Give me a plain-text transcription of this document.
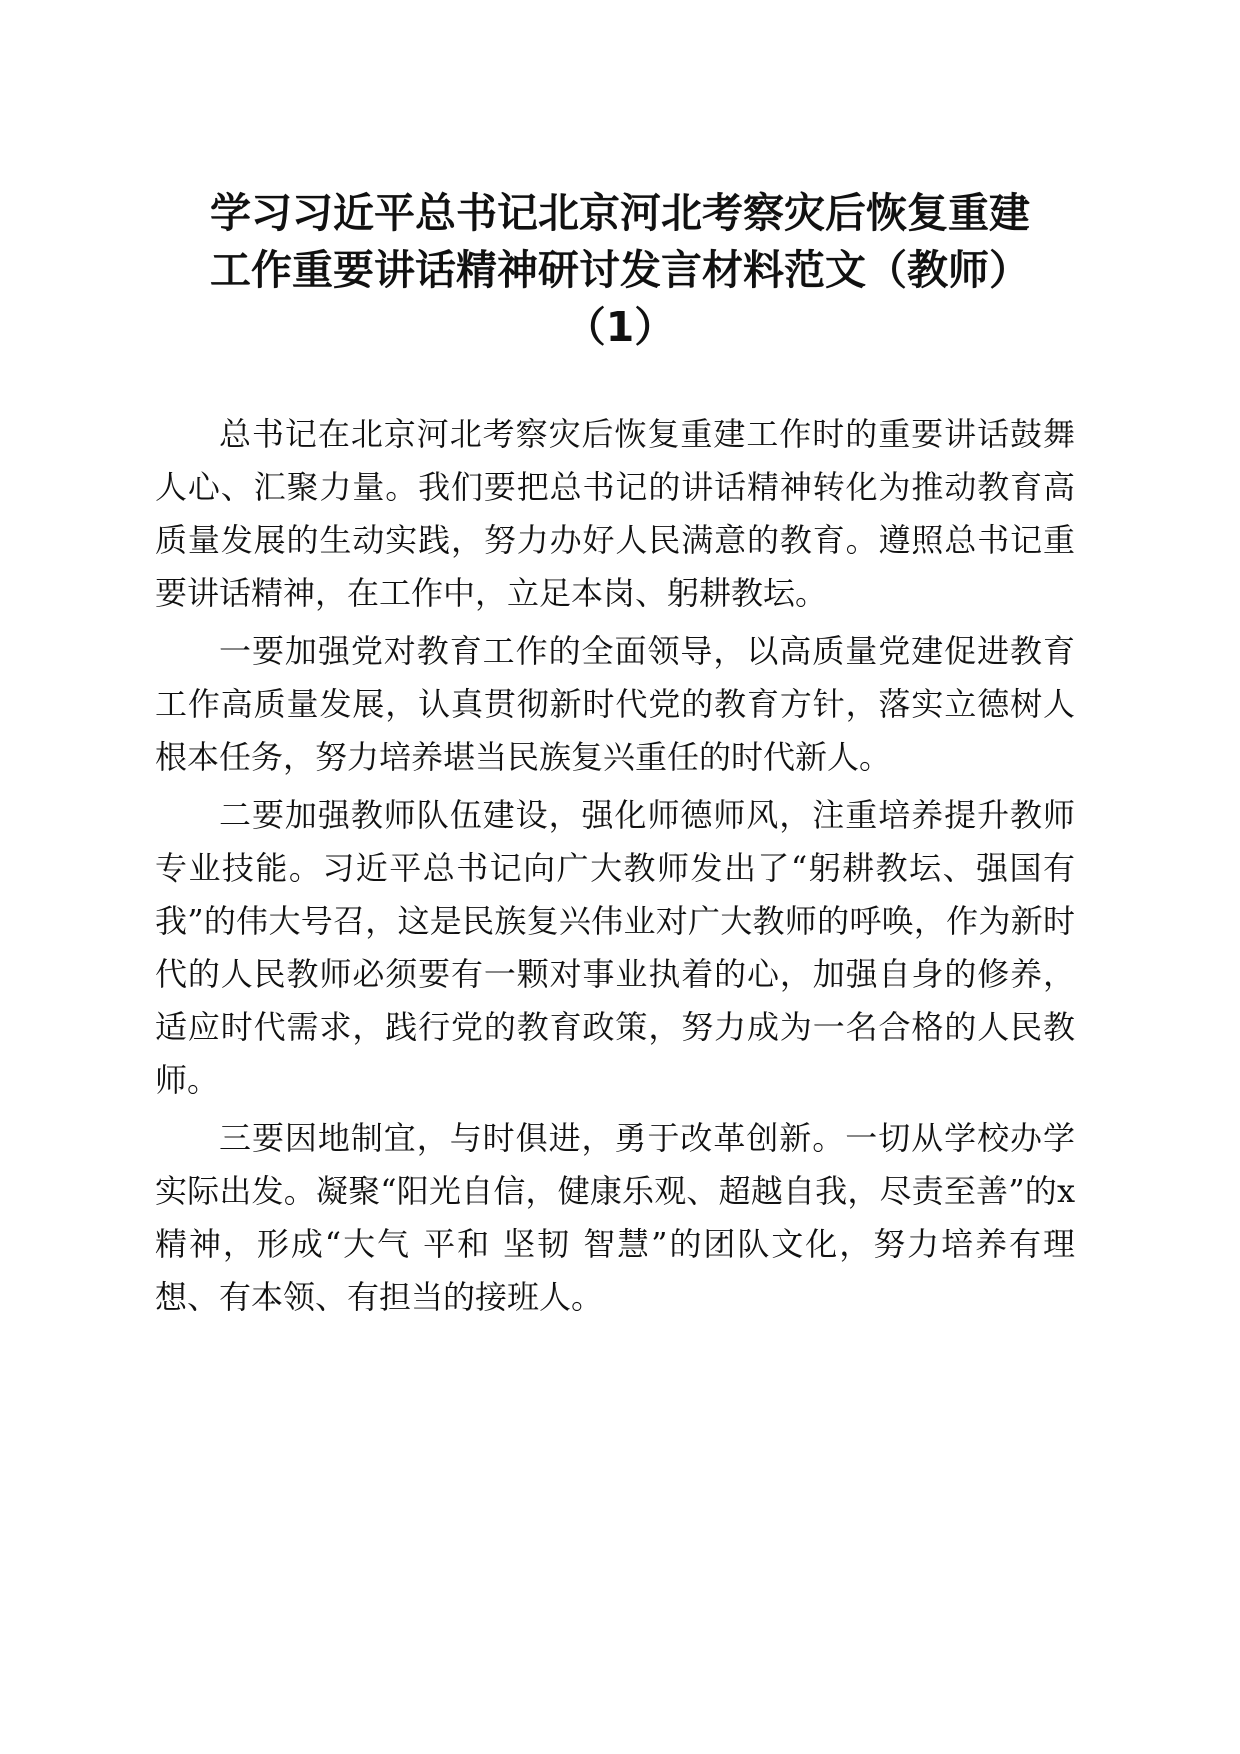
学习习近平总书记北京河北考察灾后恢复重建
工作重要讲话精神研讨发言材料范文（教师）
（1）

总书记在北京河北考察灾后恢复重建工作时的重要讲话鼓舞人心、汇聚力量。我们要把总书记的讲话精神转化为推动教育高质量发展的生动实践，努力办好人民满意的教育。遵照总书记重要讲话精神，在工作中，立足本岗、躬耕教坛。

一要加强党对教育工作的全面领导，以高质量党建促进教育工作高质量发展，认真贯彻新时代党的教育方针，落实立德树人根本任务，努力培养堪当民族复兴重任的时代新人。

二要加强教师队伍建设，强化师德师风，注重培养提升教师专业技能。习近平总书记向广大教师发出了“躬耕教坛、强国有我”的伟大号召，这是民族复兴伟业对广大教师的呼唤，作为新时代的人民教师必须要有一颗对事业执着的心，加强自身的修养，适应时代需求，践行党的教育政策，努力成为一名合格的人民教师。

三要因地制宜，与时俱进，勇于改革创新。一切从学校办学实际出发。凝聚“阳光自信，健康乐观、超越自我，尽责至善”的x精神，形成“大气 平和 坚韧 智慧”的团队文化，努力培养有理想、有本领、有担当的接班人。
